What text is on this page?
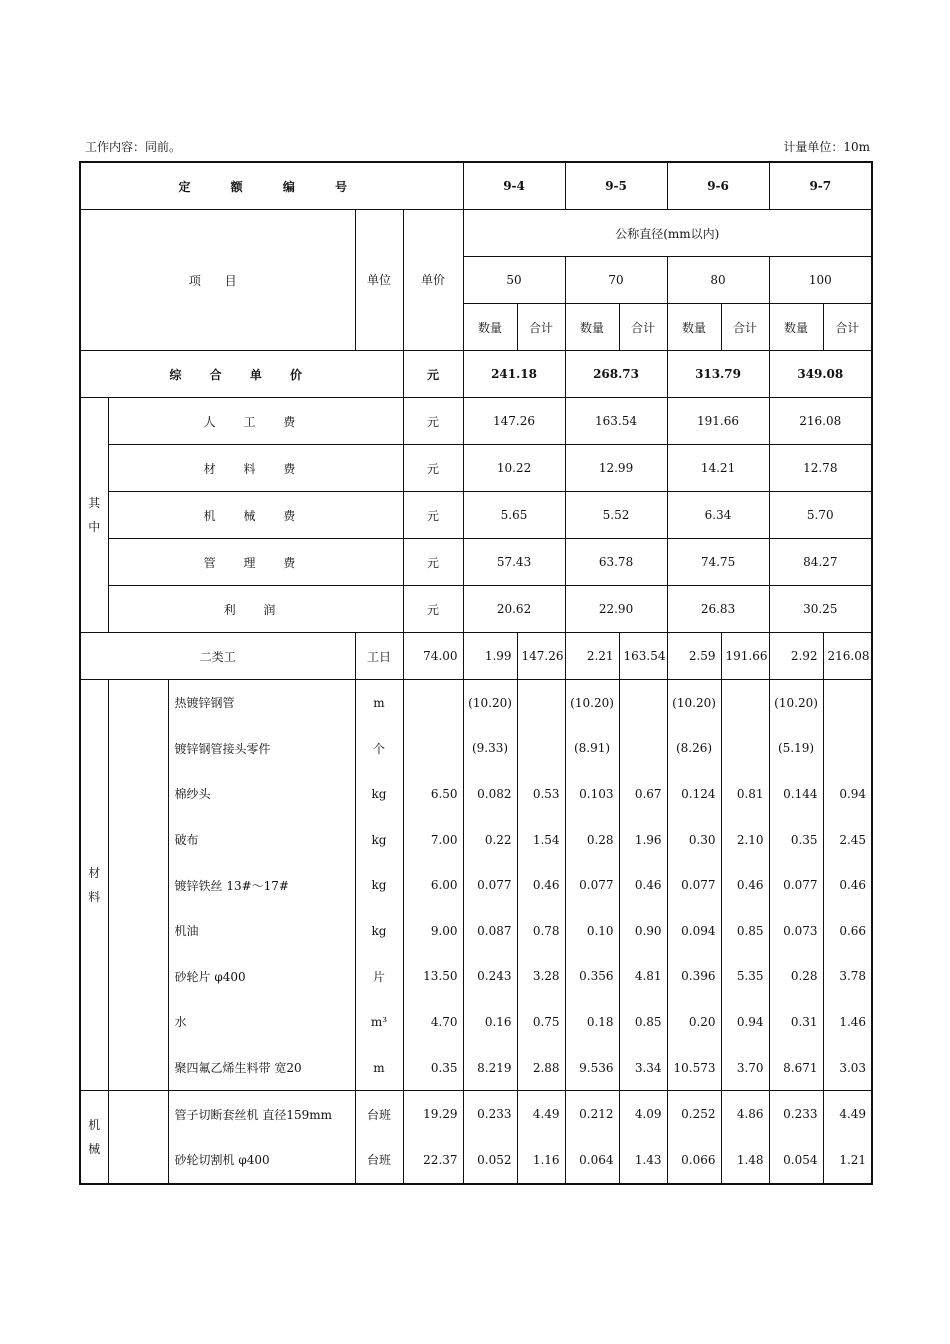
工作内容：同前。	计量单位：10m
定 额 编 号					9-4		9-5		9-6		9-7	
项 目			单位	单价	公称直径(mm以内)							
					50		70		80		100	
					数量	合计	数量	合计	数量	合计	数量	合计
综 合 单 价				元	241.18		268.73		313.79		349.08	
其中	人 工 费			元	147.26		163.54		191.66		216.08	
	材 料 费			元	10.22		12.99		14.21		12.78	
	机 械 费			元	5.65		5.52		6.34		5.70	
	管 理 费			元	57.43		63.78		74.75		84.27	
	利 润			元	20.62		22.90		26.83		30.25	
二类工			工日	74.00	1.99	147.26	2.21	163.54	2.59	191.66	2.92	216.08
材料		热镀锌钢管	m		(10.20)		(10.20)		(10.20)		(10.20)	
		镀锌钢管接头零件	个		(9.33)		(8.91)		(8.26)		(5.19)	
		棉纱头	kg	6.50	0.082	0.53	0.103	0.67	0.124	0.81	0.144	0.94
		破布	kg	7.00	0.22	1.54	0.28	1.96	0.30	2.10	0.35	2.45
		镀锌铁丝 13#～17#	kg	6.00	0.077	0.46	0.077	0.46	0.077	0.46	0.077	0.46
		机油	kg	9.00	0.087	0.78	0.10	0.90	0.094	0.85	0.073	0.66
		砂轮片 φ400	片	13.50	0.243	3.28	0.356	4.81	0.396	5.35	0.28	3.78
		水	m³	4.70	0.16	0.75	0.18	0.85	0.20	0.94	0.31	1.46
		聚四氟乙烯生料带 宽20	m	0.35	8.219	2.88	9.536	3.34	10.573	3.70	8.671	3.03
机械		管子切断套丝机 直径159mm	台班	19.29	0.233	4.49	0.212	4.09	0.252	4.86	0.233	4.49
		砂轮切割机 φ400	台班	22.37	0.052	1.16	0.064	1.43	0.066	1.48	0.054	1.21
